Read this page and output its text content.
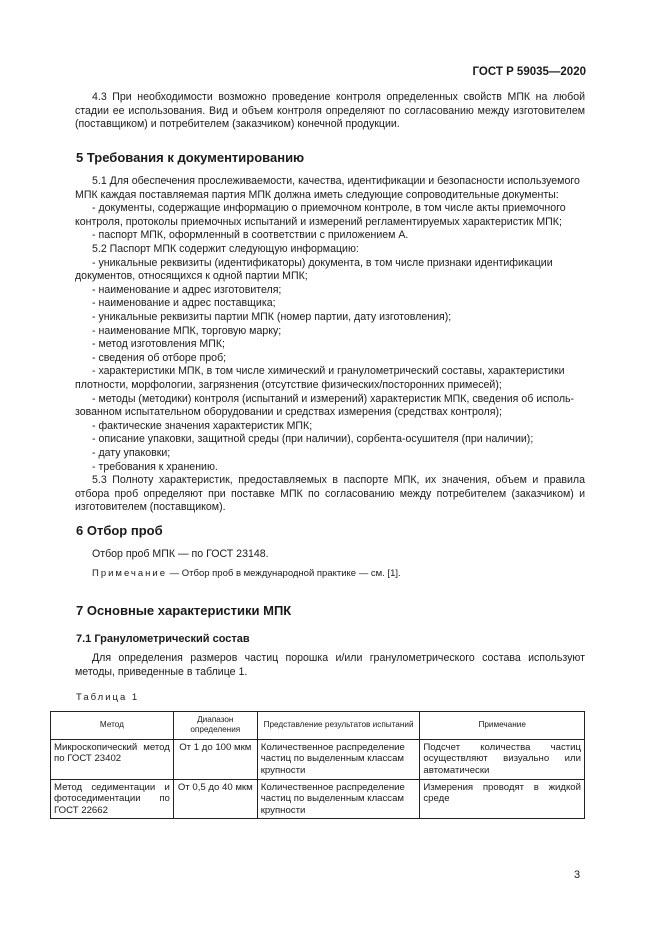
ГОСТ Р 59035—2020
4.3 При необходимости возможно проведение контроля определенных свойств МПК на любой стадии ее использования. Вид и объем контроля определяют по согласованию между изготовителем (поставщиком) и потребителем (заказчиком) конечной продукции.
5 Требования к документированию
5.1 Для обеспечения прослеживаемости, качества, идентификации и безопасности используемого
МПК каждая поставляемая партия МПК должна иметь следующие сопроводительные документы:
- документы, содержащие информацию о приемочном контроле, в том числе акты приемочного
контроля, протоколы приемочных испытаний и измерений регламентируемых характеристик МПК;
- паспорт МПК, оформленный в соответствии с приложением А.
5.2 Паспорт МПК содержит следующую информацию:
- уникальные реквизиты (идентификаторы) документа, в том числе признаки идентификации
документов, относящихся к одной партии МПК;
- наименование и адрес изготовителя;
- наименование и адрес поставщика;
- уникальные реквизиты партии МПК (номер партии, дату изготовления);
- наименование МПК, торговую марку;
- метод изготовления МПК;
- сведения об отборе проб;
- характеристики МПК, в том числе химический и гранулометрический составы, характеристики
плотности, морфологии, загрязнения (отсутствие физических/посторонних примесей);
- методы (методики) контроля (испытаний и измерений) характеристик МПК, сведения об исполь-
зованном испытательном оборудовании и средствах измерения (средствах контроля);
- фактические значения характеристик МПК;
- описание упаковки, защитной среды (при наличии), сорбента-осушителя (при наличии);
- дату упаковки;
- требования к хранению.
5.3 Полноту характеристик, предоставляемых в паспорте МПК, их значения, объем и правила отбора проб определяют при поставке МПК по согласованию между потребителем (заказчиком) и изготовителем (поставщиком).
6 Отбор проб
Отбор проб МПК — по ГОСТ 23148.
Примечание — Отбор проб в международной практике — см. [1].
7 Основные характеристики МПК
7.1 Гранулометрический состав
Для определения размеров частиц порошка и/или гранулометрического состава используют методы, приведенные в таблице 1.
Таблица 1
Метод	Диапазон определения	Представление результатов испытаний	Примечание
Микроскопический метод по ГОСТ 23402	От 1 до 100 мкм	Количественное распределение частиц по выделенным классам крупности	Подсчет количества частиц осуществляют визуально или автоматически
Метод седиментации и фотоседиментации по ГОСТ 22662	От 0,5 до 40 мкм	Количественное распределение частиц по выделенным классам крупности	Измерения проводят в жидкой среде
3
